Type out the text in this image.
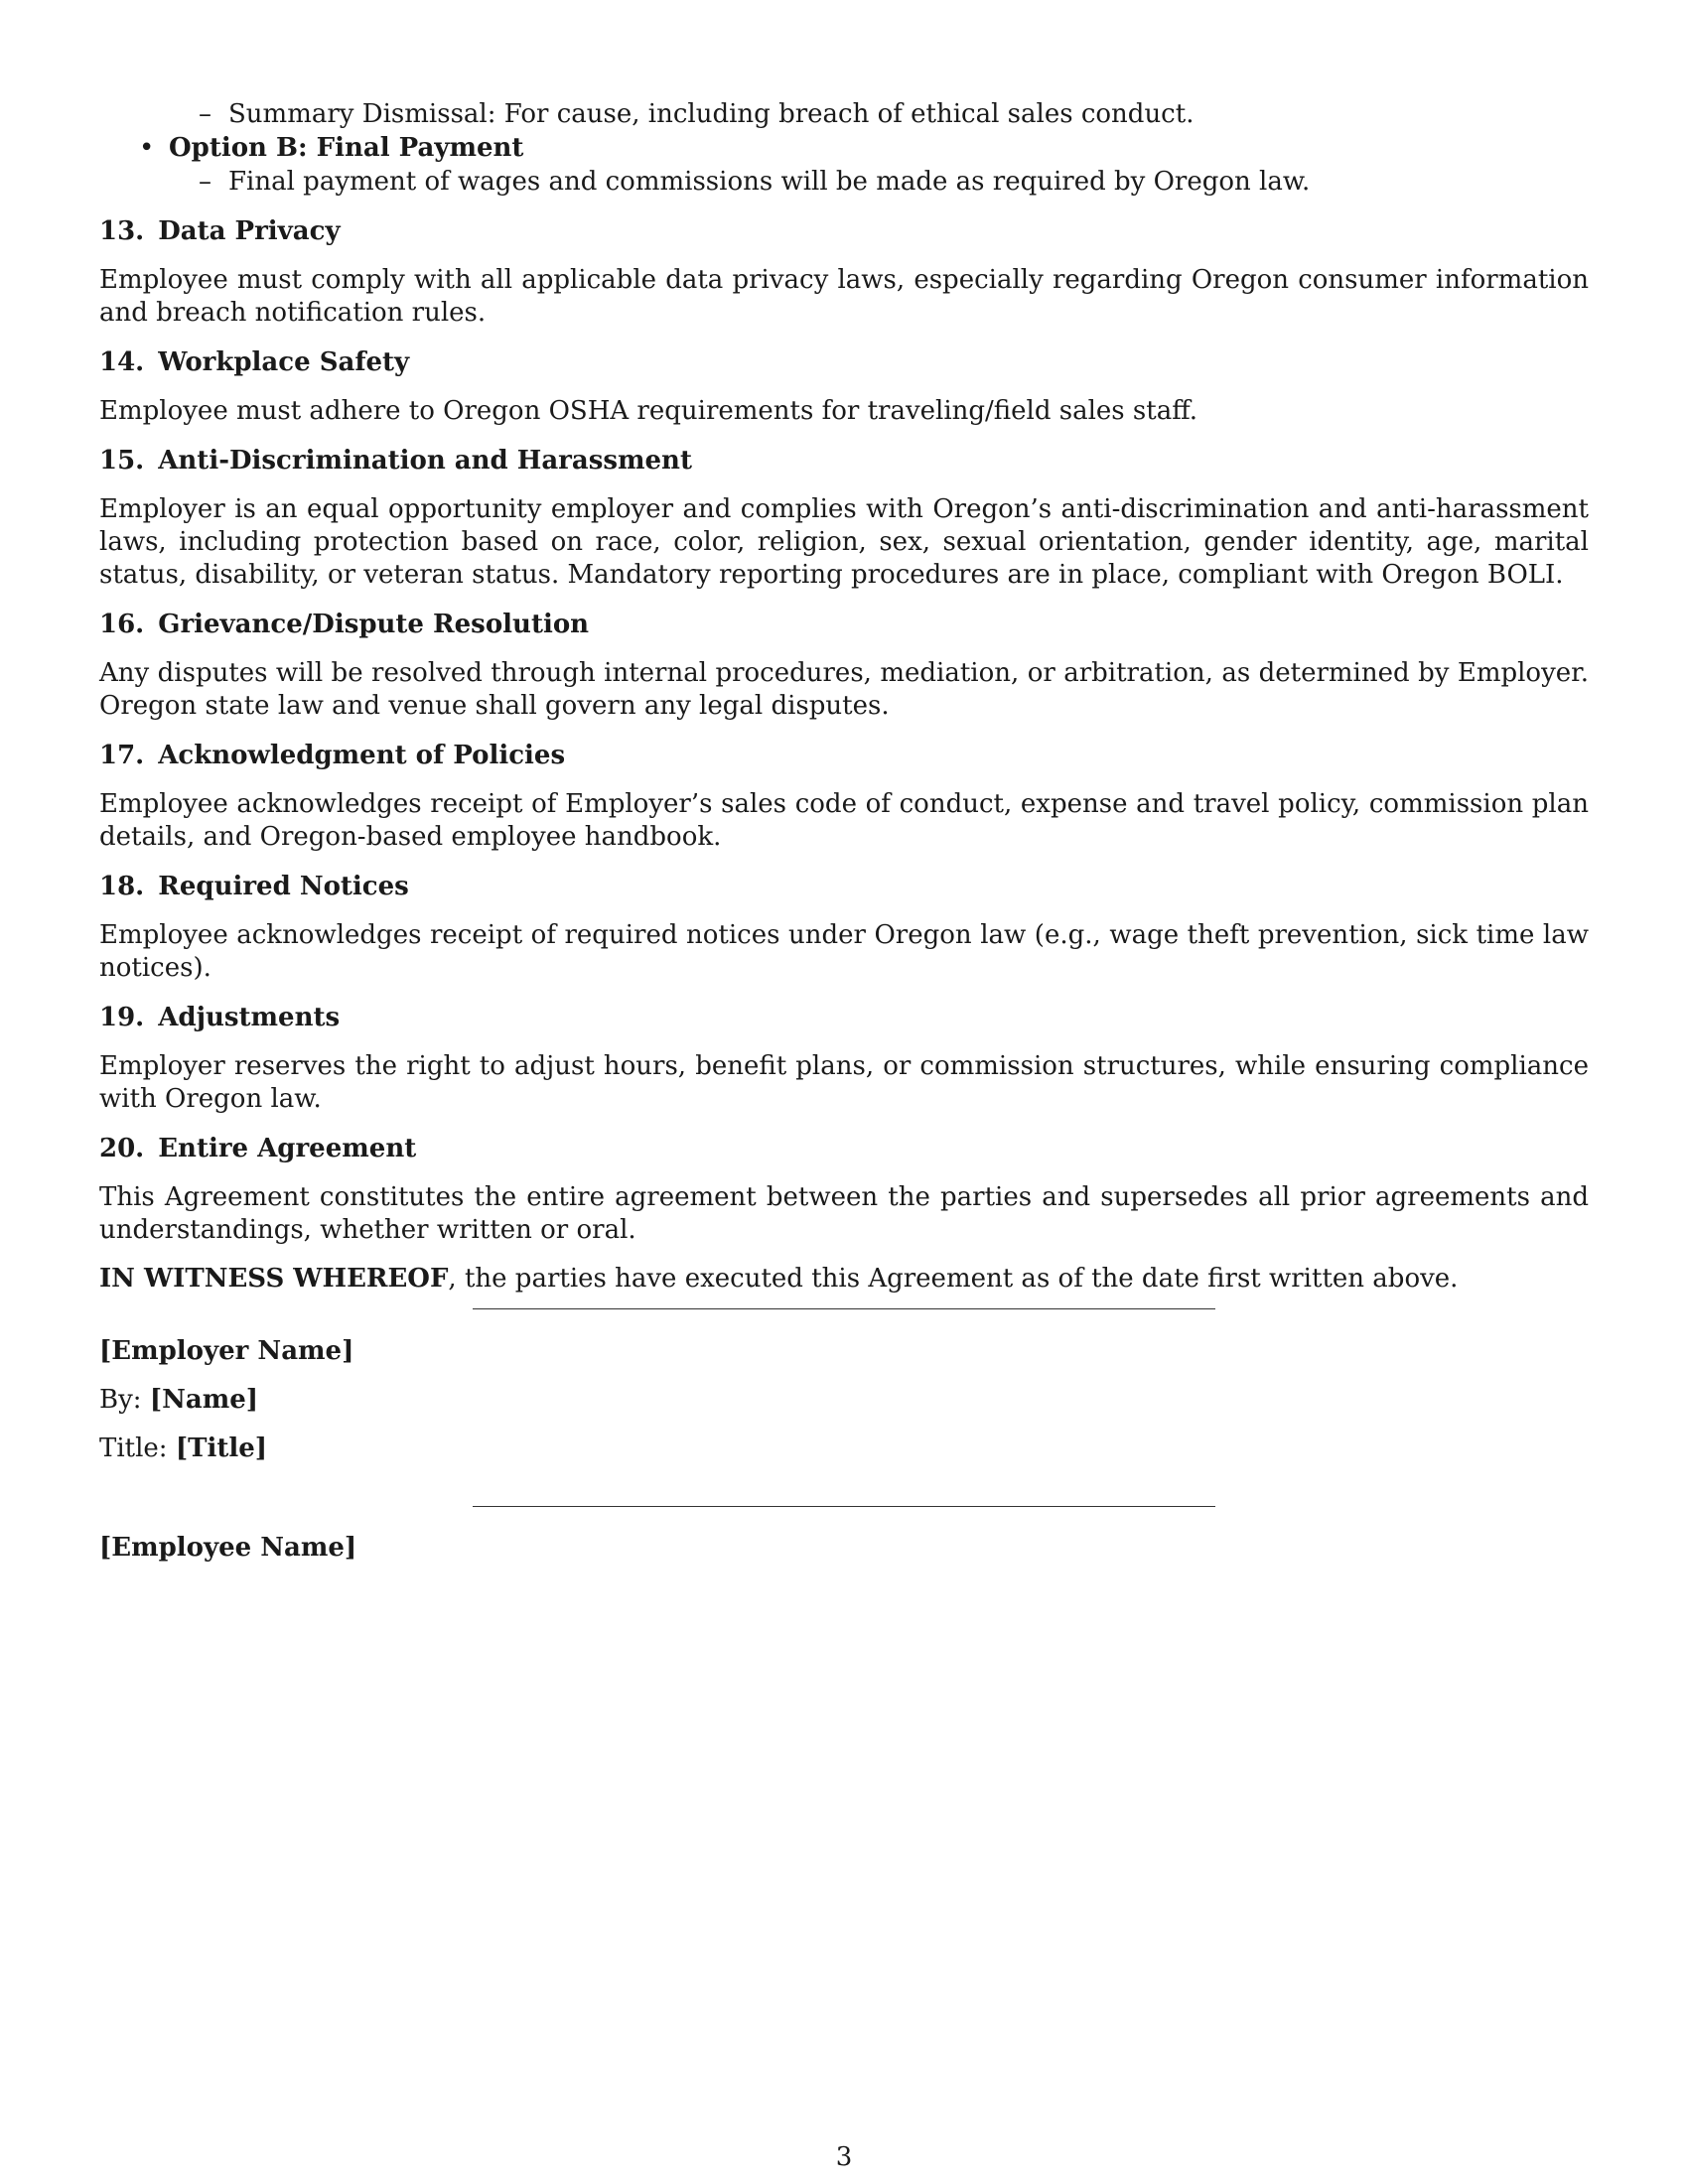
– Summary Dismissal: For cause, including breach of ethical sales conduct.
• Option B: Final Payment
– Final payment of wages and commissions will be made as required by Oregon law.
13. Data Privacy

Employee must comply with all applicable data privacy laws, especially regarding Oregon consumer information and breach notification rules.

14. Workplace Safety

Employee must adhere to Oregon OSHA requirements for traveling/field sales staff.

15. Anti-Discrimination and Harassment

Employer is an equal opportunity employer and complies with Oregon’s anti-discrimination and anti-harassment laws, including protection based on race, color, religion, sex, sexual orientation, gender identity, age, marital status, disability, or veteran status. Mandatory reporting procedures are in place, compliant with Oregon BOLI.

16. Grievance/Dispute Resolution

Any disputes will be resolved through internal procedures, mediation, or arbitration, as determined by Employer. Oregon state law and venue shall govern any legal disputes.

17. Acknowledgment of Policies

Employee acknowledges receipt of Employer’s sales code of conduct, expense and travel policy, commission plan details, and Oregon-based employee handbook.

18. Required Notices

Employee acknowledges receipt of required notices under Oregon law (e.g., wage theft prevention, sick time law notices).

19. Adjustments

Employer reserves the right to adjust hours, benefit plans, or commission structures, while ensuring compliance with Oregon law.

20. Entire Agreement

This Agreement constitutes the entire agreement between the parties and supersedes all prior agreements and understandings, whether written or oral.

IN WITNESS WHEREOF, the parties have executed this Agreement as of the date first written above.

[Employer Name]
By: [Name]
Title: [Title]
[Employee Name]
3
